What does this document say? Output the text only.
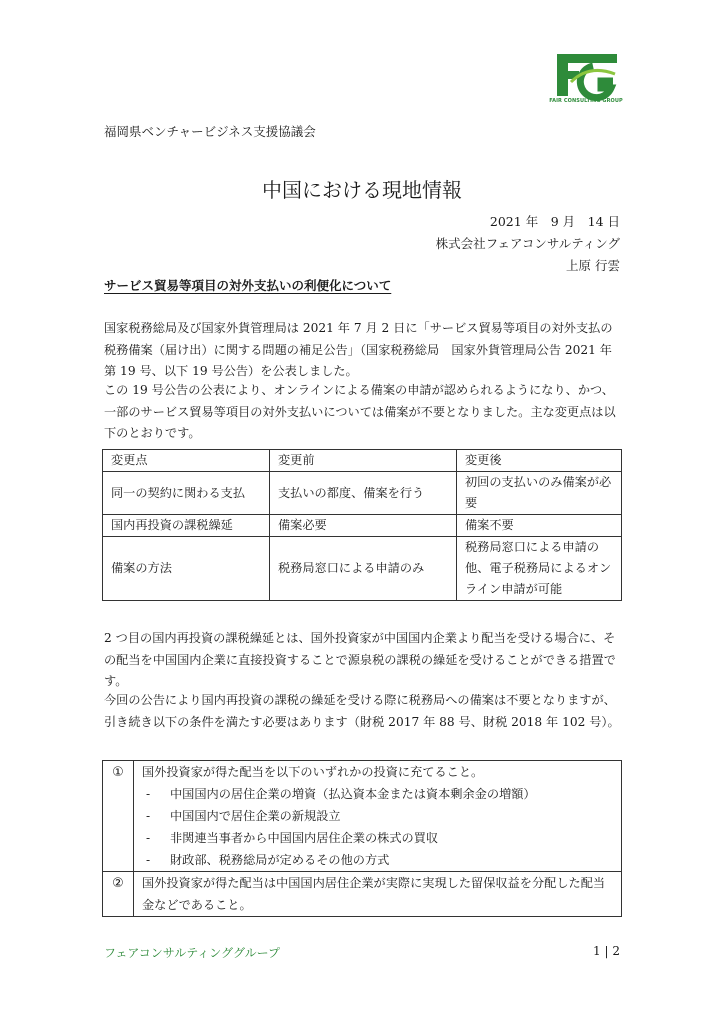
FAIR CONSULTING GROUP
福岡県ベンチャービジネス支援協議会
中国における現地情報
2021 年　9 月　14 日
株式会社フェアコンサルティング
上原 行雲
サービス貿易等項目の対外支払いの利便化について
国家税務総局及び国家外貨管理局は 2021 年 7 月 2 日に「サービス貿易等項目の対外支払の税務備案（届け出）に関する問題の補足公告」（国家税務総局　国家外貨管理局公告 2021 年第 19 号、以下 19 号公告）を公表しました。
この 19 号公告の公表により、オンラインによる備案の申請が認められるようになり、かつ、一部のサービス貿易等項目の対外支払いについては備案が不要となりました。主な変更点は以下のとおりです。
変更点	変更前	変更後
同一の契約に関わる支払	支払いの都度、備案を行う	初回の支払いのみ備案が必要
国内再投資の課税繰延	備案必要	備案不要
備案の方法	税務局窓口による申請のみ	税務局窓口による申請の他、電子税務局によるオンライン申請が可能
2 つ目の国内再投資の課税繰延とは、国外投資家が中国国内企業より配当を受ける場合に、その配当を中国国内企業に直接投資することで源泉税の課税の繰延を受けることができる措置です。
今回の公告により国内再投資の課税の繰延を受ける際に税務局への備案は不要となりますが、引き続き以下の条件を満たす必要はあります（財税 2017 年 88 号、財税 2018 年 102 号）。
①	国外投資家が得た配当を以下のいずれかの投資に充てること。
- 中国国内の居住企業の増資（払込資本金または資本剰余金の増額）
- 中国国内で居住企業の新規設立
- 非関連当事者から中国国内居住企業の株式の買収
- 財政部、税務総局が定めるその他の方式

②	国外投資家が得た配当は中国国内居住企業が実際に実現した留保収益を分配した配当金などであること。
フェアコンサルティンググループ	1 | 2
